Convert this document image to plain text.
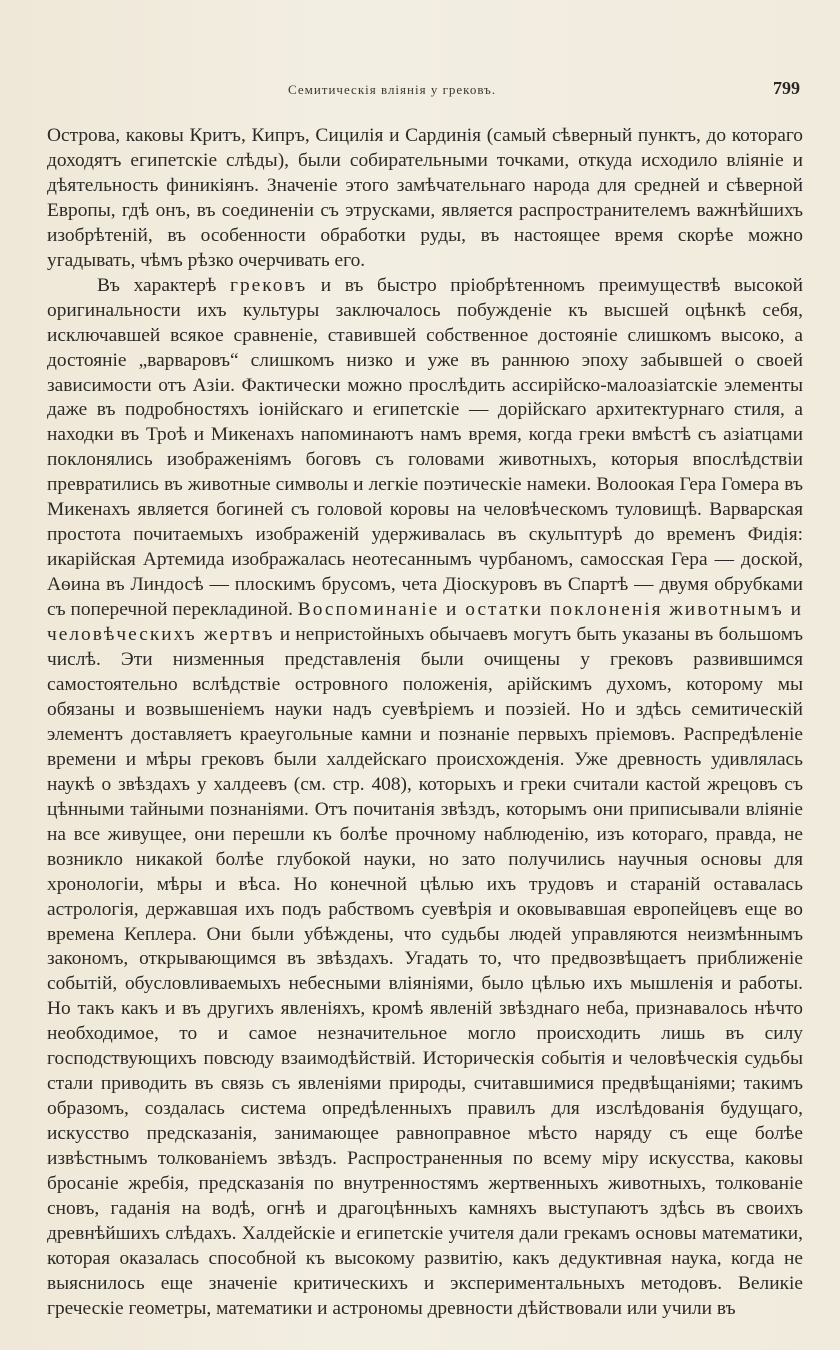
Семитическія вліянія у грековъ.	799

Острова, каковы Критъ, Кипръ, Сицилія и Сардинія (самый сѣверный пунктъ, до котораго доходятъ египетскіе слѣды), были собирательными точками, откуда исходило вліяніе и дѣятельность финикіянъ. Значеніе этого замѣчательнаго народа для средней и сѣверной Европы, гдѣ онъ, въ соединеніи съ этрусками, является распространителемъ важнѣйшихъ изобрѣтеній, въ особенности обработки руды, въ настоящее время скорѣе можно угадывать, чѣмъ рѣзко очерчивать его.

Въ характерѣ грековъ и въ быстро пріобрѣтенномъ преимуществѣ высокой оригинальности ихъ культуры заключалось побужденіе къ высшей оцѣнкѣ себя, исключавшей всякое сравненіе, ставившей собственное достояніе слишкомъ высоко, а достояніе „варваровъ“ слишкомъ низко и уже въ раннюю эпоху забывшей о своей зависимости отъ Азіи. Фактически можно прослѣдить ассирійско-малоазіатскіе элементы даже въ подробностяхъ іонійскаго и египетскіе — дорійскаго архитектурнаго стиля, а находки въ Троѣ и Микенахъ напоминаютъ намъ время, когда греки вмѣстѣ съ азіатцами поклонялись изображеніямъ боговъ съ головами животныхъ, которыя впослѣдствіи превратились въ животные символы и легкіе поэтическіе намеки. Волоокая Гера Гомера въ Микенахъ является богиней съ головой коровы на человѣческомъ туловищѣ. Варварская простота почитаемыхъ изображеній удерживалась въ скульптурѣ до временъ Фидія: икарійская Артемида изображалась неотесаннымъ чурбаномъ, самосская Гера — доской, Аѳина въ Линдосѣ — плоскимъ брусомъ, чета Діоскуровъ въ Спартѣ — двумя обрубками съ поперечной перекладиной. Воспоминаніе и остатки поклоненія животнымъ и человѣческихъ жертвъ и непристойныхъ обычаевъ могутъ быть указаны въ большомъ числѣ. Эти низменныя представленія были очищены у грековъ развившимся самостоятельно вслѣдствіе островного положенія, арійскимъ духомъ, которому мы обязаны и возвышеніемъ науки надъ суевѣріемъ и поэзіей. Но и здѣсь семитическій элементъ доставляетъ краеугольные камни и познаніе первыхъ пріемовъ. Распредѣленіе времени и мѣры грековъ были халдейскаго происхожденія. Уже древность удивлялась наукѣ о звѣздахъ у халдеевъ (см. стр. 408), которыхъ и греки считали кастой жрецовъ съ цѣнными тайными познаніями. Отъ почитанія звѣздъ, которымъ они приписывали вліяніе на все живущее, они перешли къ болѣе прочному наблюденію, изъ котораго, правда, не возникло никакой болѣе глубокой науки, но зато получились научныя основы для хронологіи, мѣры и вѣса. Но конечной цѣлью ихъ трудовъ и стараній оставалась астрологія, державшая ихъ подъ рабствомъ суевѣрія и оковывавшая европейцевъ еще во времена Кеплера. Они были убѣждены, что судьбы людей управляются неизмѣннымъ закономъ, открывающимся въ звѣздахъ. Угадать то, что предвозвѣщаетъ приближеніе событій, обусловливаемыхъ небесными вліяніями, было цѣлью ихъ мышленія и работы. Но такъ какъ и въ другихъ явленіяхъ, кромѣ явленій звѣзднаго неба, признавалось нѣчто необходимое, то и самое незначительное могло происходить лишь въ силу господствующихъ повсюду взаимодѣйствій. Историческія событія и человѣческія судьбы стали приводить въ связь съ явленіями природы, считавшимися предвѣщаніями; такимъ образомъ, создалась система опредѣленныхъ правилъ для изслѣдованія будущаго, искусство предсказанія, занимающее равноправное мѣсто наряду съ еще болѣе извѣстнымъ толкованіемъ звѣздъ. Распространенныя по всему міру искусства, каковы бросаніе жребія, предсказанія по внутренностямъ жертвенныхъ животныхъ, толкованіе сновъ, гаданія на водѣ, огнѣ и драгоцѣнныхъ камняхъ выступаютъ здѣсь въ своихъ древнѣйшихъ слѣдахъ. Халдейскіе и египетскіе учителя дали грекамъ основы математики, которая оказалась способной къ высокому развитію, какъ дедуктивная наука, когда не выяснилось еще значеніе критическихъ и экспериментальныхъ методовъ. Великіе греческіе геометры, математики и астрономы древности дѣйствовали или учили въ
